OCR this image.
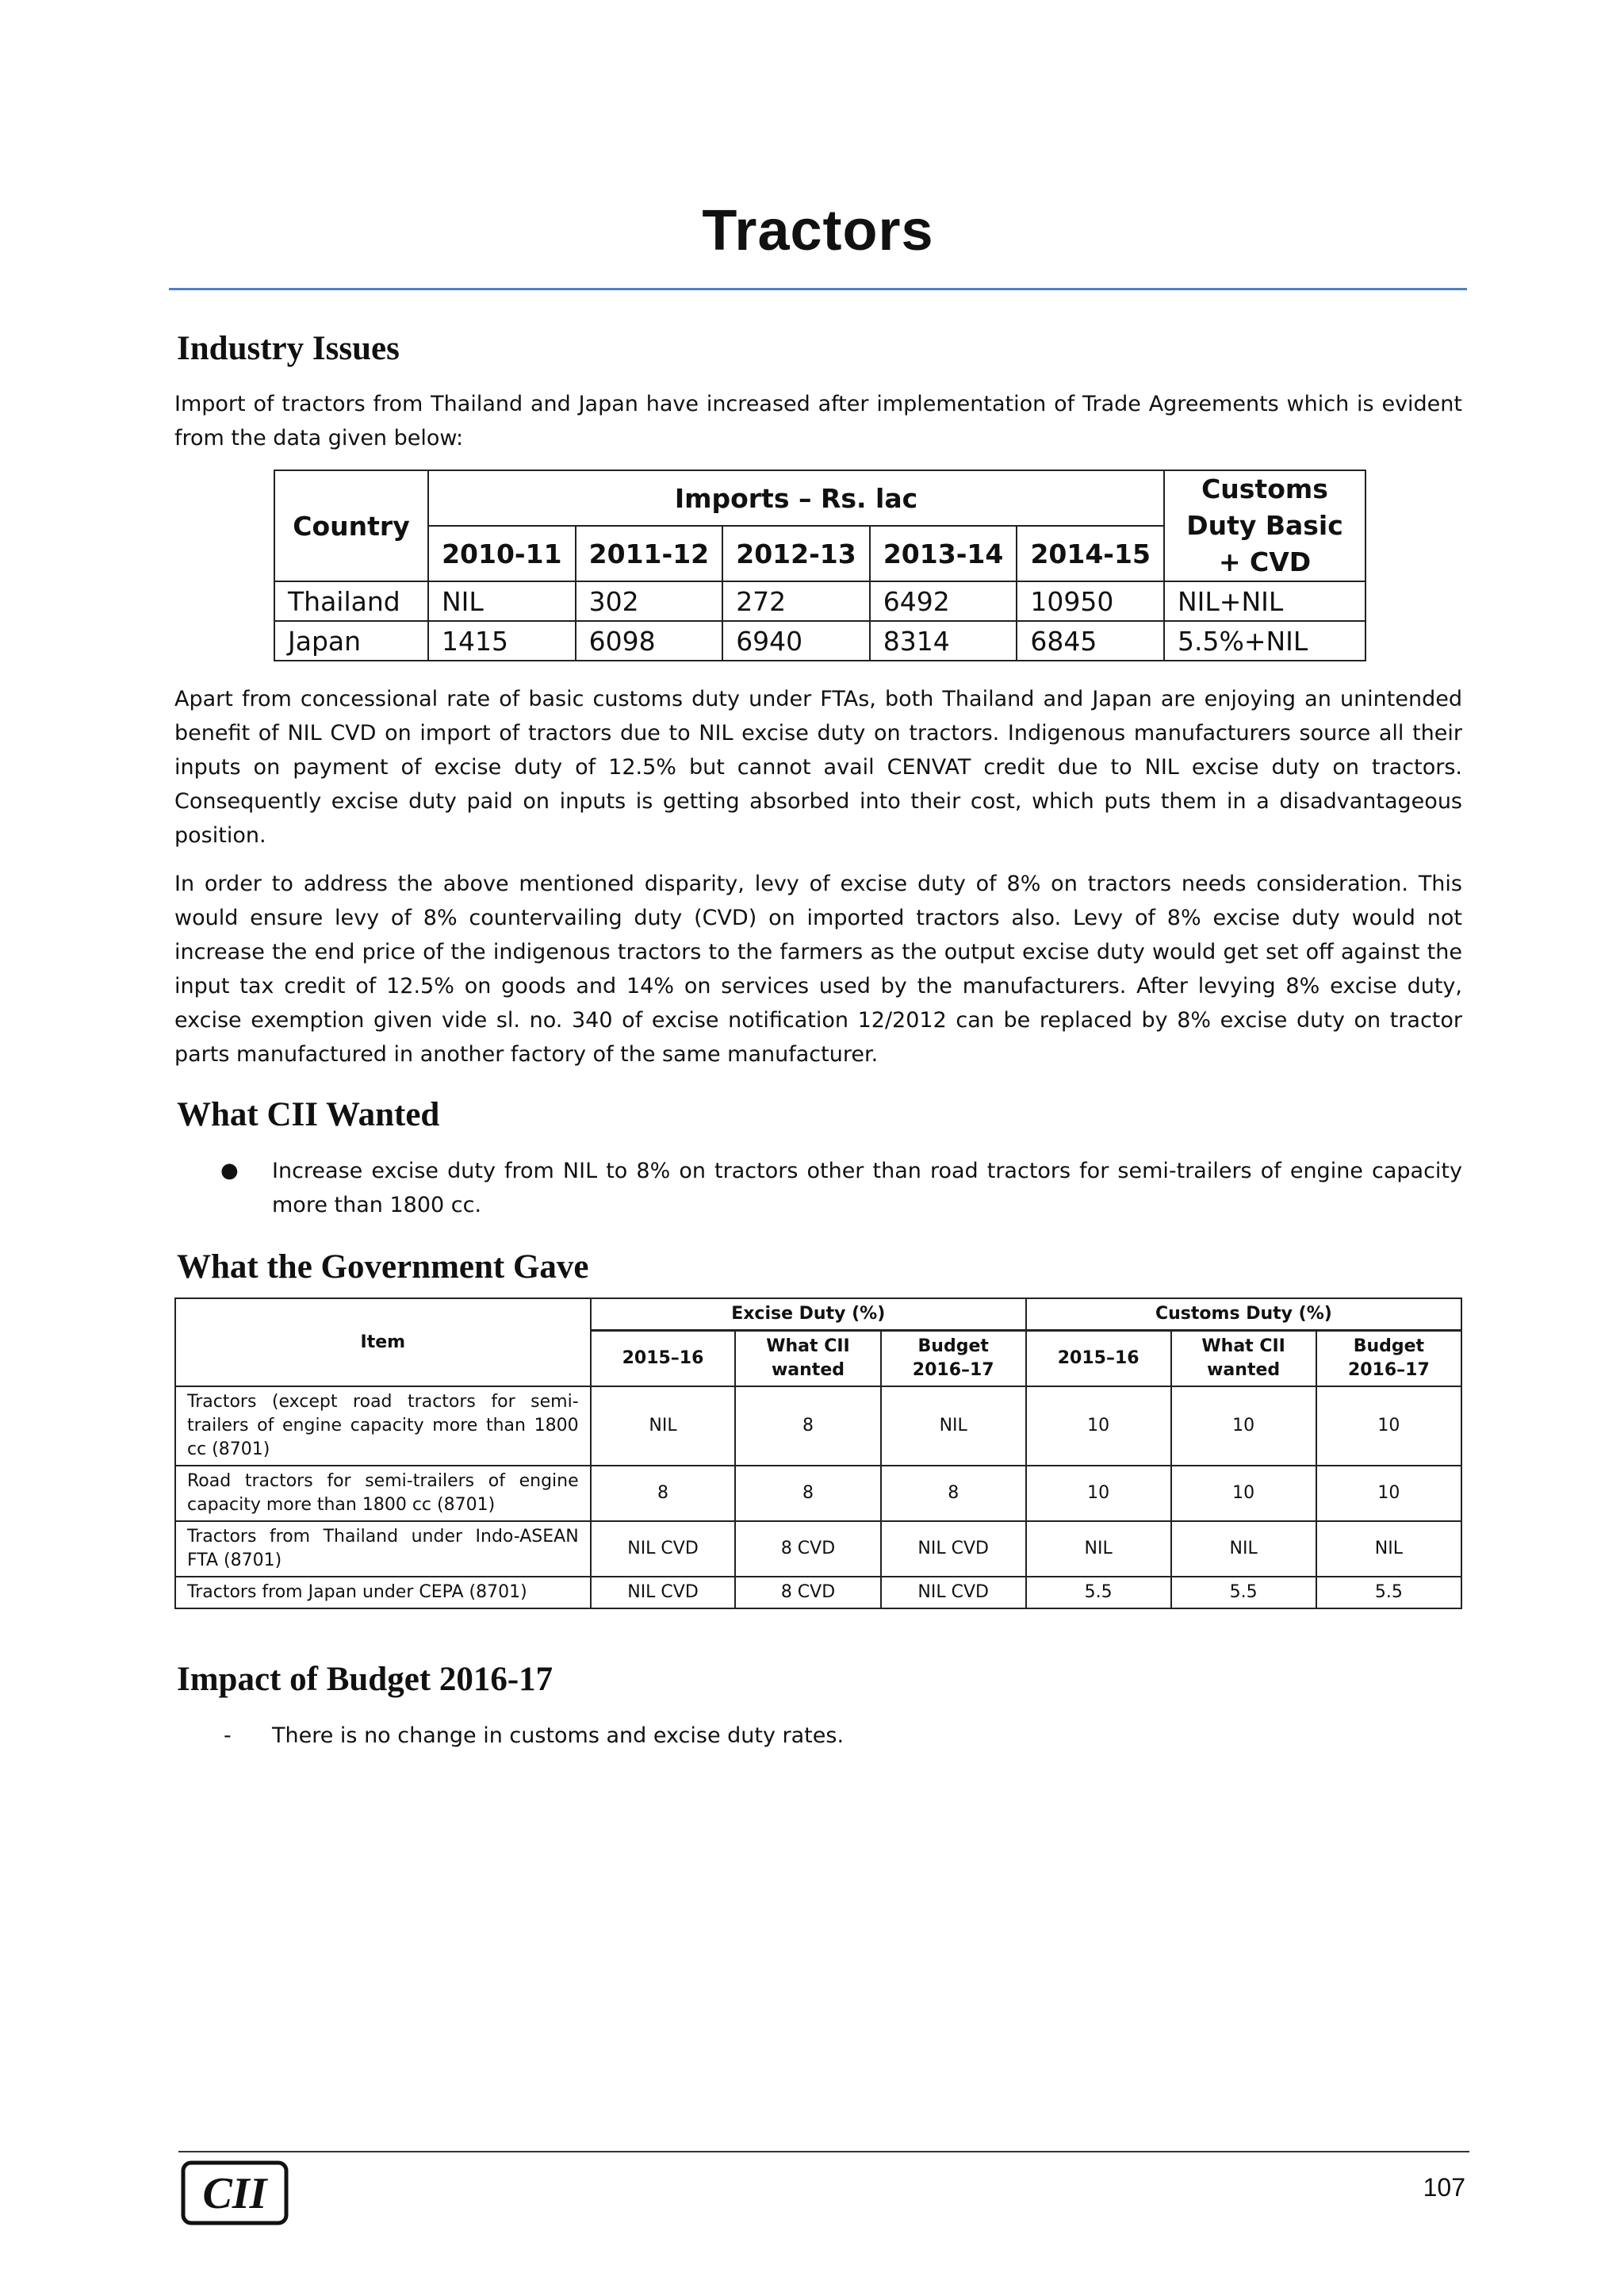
Tractors
Industry Issues

Import of tractors from Thailand and Japan have increased after implementation of Trade Agreements which is evident from the data given below:

Country	Imports – Rs. lac					Customs Duty Basic + CVD
	2010-11	2011-12	2012-13	2013-14	2014-15	
Thailand	NIL	302	272	6492	10950	NIL+NIL
Japan	1415	6098	6940	8314	6845	5.5%+NIL

Apart from concessional rate of basic customs duty under FTAs, both Thailand and Japan are enjoying an unintended benefit of NIL CVD on import of tractors due to NIL excise duty on tractors. Indigenous manufacturers source all their inputs on payment of excise duty of 12.5% but cannot avail CENVAT credit due to NIL excise duty on tractors. Consequently excise duty paid on inputs is getting absorbed into their cost, which puts them in a disadvantageous position.

In order to address the above mentioned disparity, levy of excise duty of 8% on tractors needs consideration. This would ensure levy of 8% countervailing duty (CVD) on imported tractors also. Levy of 8% excise duty would not increase the end price of the indigenous tractors to the farmers as the output excise duty would get set off against the input tax credit of 12.5% on goods and 14% on services used by the manufacturers. After levying 8% excise duty, excise exemption given vide sl. no. 340 of excise notification 12/2012 can be replaced by 8% excise duty on tractor parts manufactured in another factory of the same manufacturer.

What CII Wanted
● Increase excise duty from NIL to 8% on tractors other than road tractors for semi-trailers of engine capacity more than 1800 cc.
What the Government Gave
Item	Excise Duty (%)			Customs Duty (%)		
	2015–16	What CII wanted	Budget 2016–17	2015–16	What CII wanted	Budget 2016–17
Tractors (except road tractors for semi-trailers of engine capacity more than 1800 cc (8701)	NIL	8	NIL	10	10	10
Road tractors for semi-trailers of engine capacity more than 1800 cc (8701)	8	8	8	10	10	10
Tractors from Thailand under Indo-ASEAN FTA (8701)	NIL CVD	8 CVD	NIL CVD	NIL	NIL	NIL
Tractors from Japan under CEPA (8701)	NIL CVD	8 CVD	NIL CVD	5.5	5.5	5.5
Impact of Budget 2016-17
- There is no change in customs and excise duty rates.
CII	107
